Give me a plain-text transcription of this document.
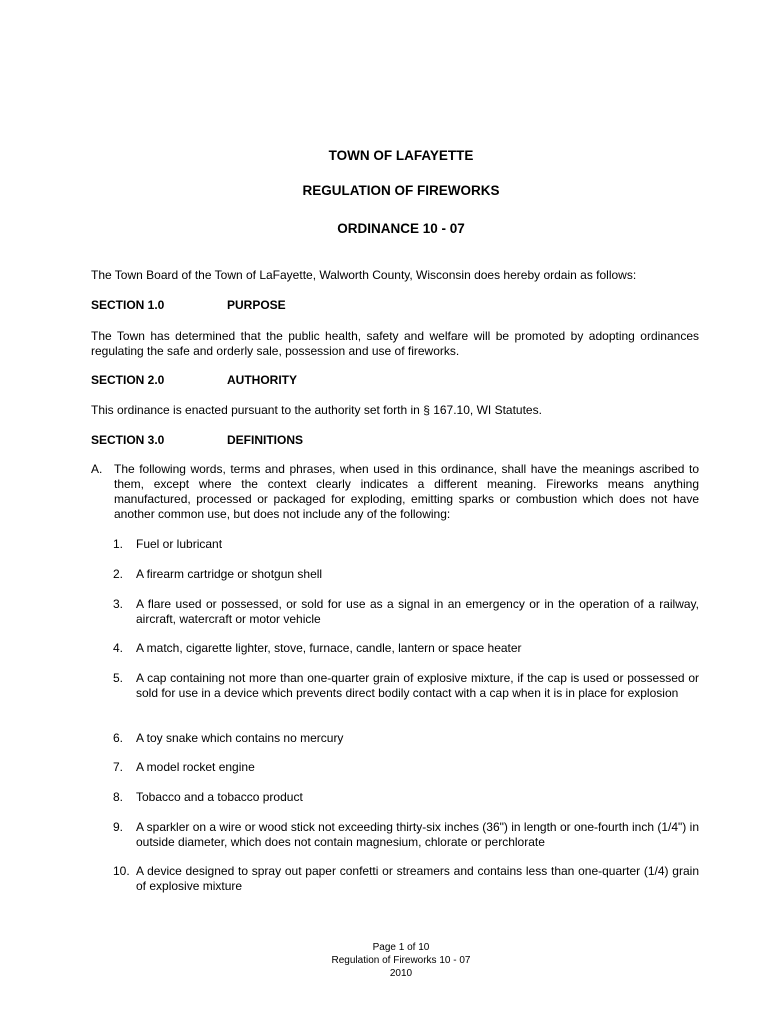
TOWN OF LAFAYETTE
REGULATION OF FIREWORKS
ORDINANCE 10 - 07
The Town Board of the Town of LaFayette, Walworth County, Wisconsin does hereby ordain as follows:
SECTION 1.0	PURPOSE
The Town has determined that the public health, safety and welfare will be promoted by adopting ordinances regulating the safe and orderly sale, possession and use of fireworks.
SECTION 2.0	AUTHORITY
This ordinance is enacted pursuant to the authority set forth in § 167.10, WI Statutes.
SECTION 3.0	DEFINITIONS
A. The following words, terms and phrases, when used in this ordinance, shall have the meanings ascribed to them, except where the context clearly indicates a different meaning. Fireworks means anything manufactured, processed or packaged for exploding, emitting sparks or combustion which does not have another common use, but does not include any of the following:
1.	Fuel or lubricant
2.	A firearm cartridge or shotgun shell
3.	A flare used or possessed, or sold for use as a signal in an emergency or in the operation of a railway, aircraft, watercraft or motor vehicle
4.	A match, cigarette lighter, stove, furnace, candle, lantern or space heater
5.	A cap containing not more than one-quarter grain of explosive mixture, if the cap is used or possessed or sold for use in a device which prevents direct bodily contact with a cap when it is in place for explosion
6.	A toy snake which contains no mercury
7.	A model rocket engine
8.	Tobacco and a tobacco product
9.	A sparkler on a wire or wood stick not exceeding thirty-six inches (36") in length or one-fourth inch (1/4") in outside diameter, which does not contain magnesium, chlorate or perchlorate
10. A device designed to spray out paper confetti or streamers and contains less than one-quarter (1/4) grain of explosive mixture
Page 1 of 10
Regulation of Fireworks 10 - 07
2010
